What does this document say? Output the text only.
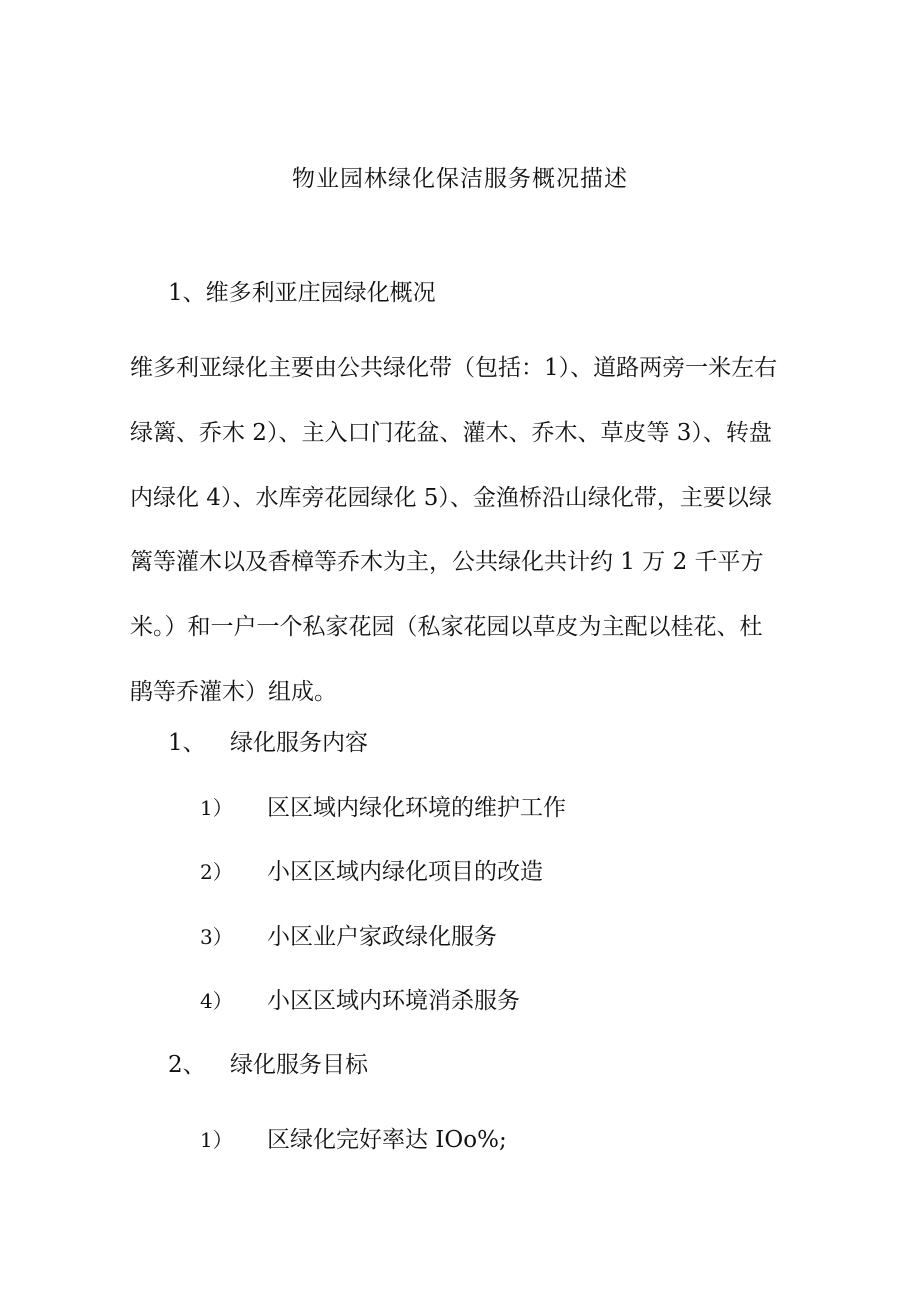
物业园林绿化保洁服务概况描述
1、维多利亚庄园绿化概况

维多利亚绿化主要由公共绿化带（包括：1）、道路两旁一米左右
绿篱、乔木 2）、主入口门花盆、灌木、乔木、草皮等 3）、转盘
内绿化 4）、水库旁花园绿化 5）、金渔桥沿山绿化带，主要以绿
篱等灌木以及香樟等乔木为主，公共绿化共计约 1 万 2 千平方
米。）和一户一个私家花园（私家花园以草皮为主配以桂花、杜
鹃等乔灌木）组成。

1、 绿化服务内容
1） 区区域内绿化环境的维护工作
2） 小区区域内绿化项目的改造
3） 小区业户家政绿化服务
4） 小区区域内环境消杀服务
2、 绿化服务目标
1） 区绿化完好率达 IOo%;
